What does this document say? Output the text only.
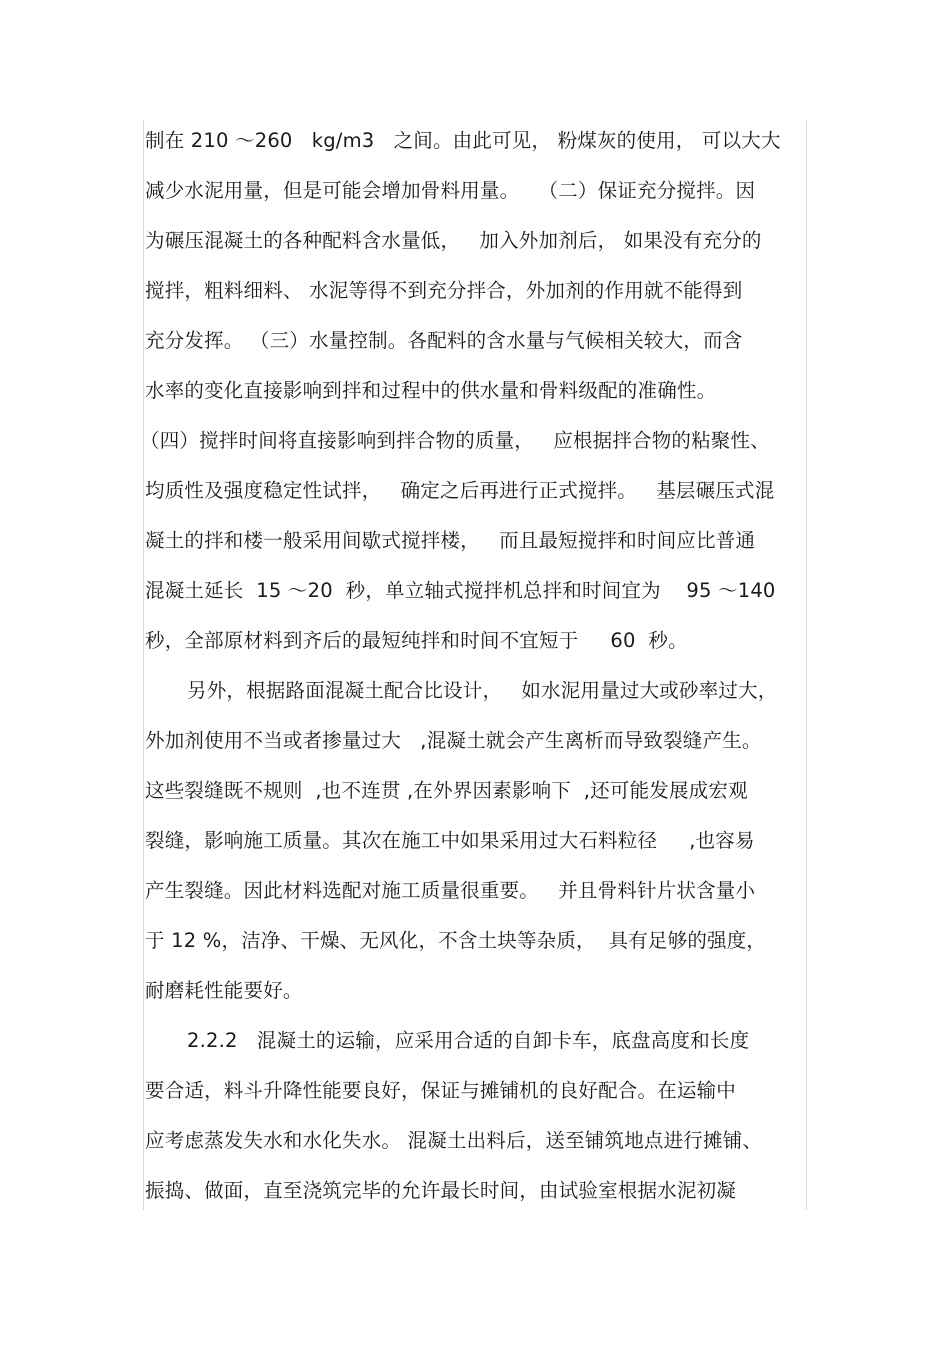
制在 210 ～260   kg/m3   之间。由此可见， 粉煤灰的使用， 可以大大
减少水泥用量，但是可能会增加骨料用量。   （二）保证充分搅拌。因
为碾压混凝土的各种配料含水量低，   加入外加剂后， 如果没有充分的
搅拌，粗料细料、 水泥等得不到充分拌合，外加剂的作用就不能得到
充分发挥。 （三）水量控制。各配料的含水量与气候相关较大，而含
水率的变化直接影响到拌和过程中的供水量和骨料级配的准确性。
（四）搅拌时间将直接影响到拌合物的质量，   应根据拌合物的粘聚性、
均质性及强度稳定性试拌，   确定之后再进行正式搅拌。   基层碾压式混
凝土的拌和楼一般采用间歇式搅拌楼，   而且最短搅拌和时间应比普通
混凝土延长  15 ～20  秒，单立轴式搅拌机总拌和时间宜为    95 ～140
秒，全部原材料到齐后的最短纯拌和时间不宜短于     60  秒。
另外，根据路面混凝土配合比设计，   如水泥用量过大或砂率过大，
外加剂使用不当或者掺量过大   ,混凝土就会产生离析而导致裂缝产生。
这些裂缝既不规则  ,也不连贯 ,在外界因素影响下  ,还可能发展成宏观
裂缝，影响施工质量。其次在施工中如果采用过大石料粒径     ,也容易
产生裂缝。因此材料选配对施工质量很重要。   并且骨料针片状含量小
于 12 %，洁净、干燥、无风化，不含土块等杂质，  具有足够的强度，
耐磨耗性能要好。
2.2.2   混凝土的运输，应采用合适的自卸卡车，底盘高度和长度
要合适，料斗升降性能要良好，保证与摊铺机的良好配合。在运输中
应考虑蒸发失水和水化失水。 混凝土出料后，送至铺筑地点进行摊铺、
振捣、做面，直至浇筑完毕的允许最长时间，由试验室根据水泥初凝
